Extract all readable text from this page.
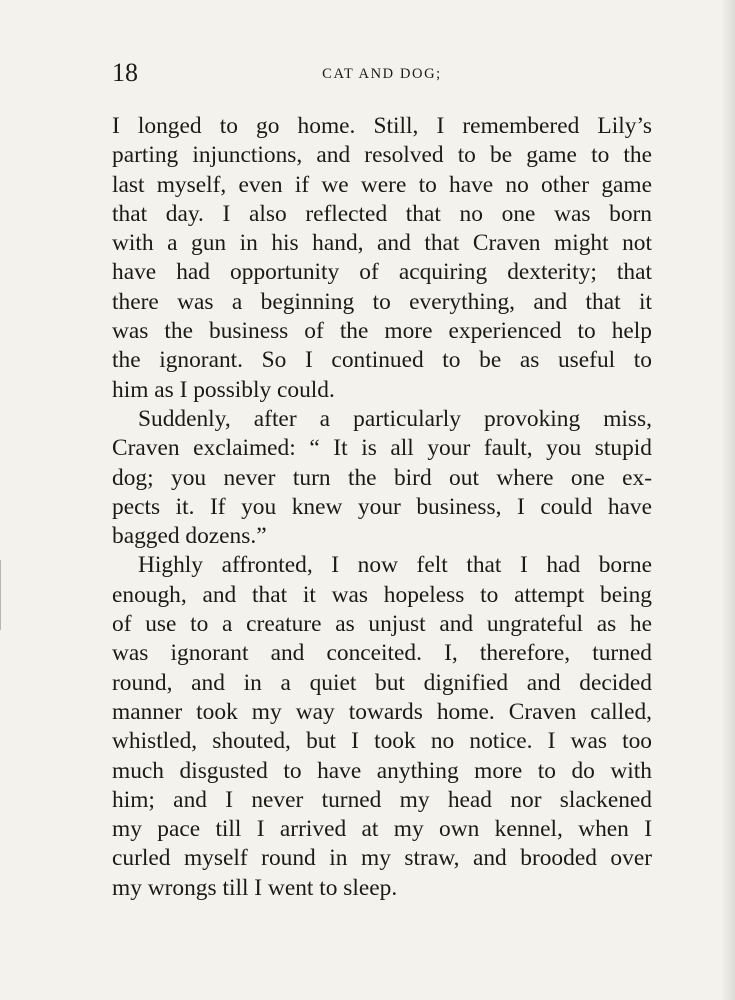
18	CAT AND DOG;

I longed to go home. Still, I remembered Lily’s
parting injunctions, and resolved to be game to the
last myself, even if we were to have no other game
that day. I also reflected that no one was born
with a gun in his hand, and that Craven might not
have had opportunity of acquiring dexterity; that
there was a beginning to everything, and that it
was the business of the more experienced to help
the ignorant. So I continued to be as useful to
him as I possibly could.

Suddenly, after a particularly provoking miss,
Craven exclaimed: “ It is all your fault, you stupid
dog; you never turn the bird out where one ex-
pects it. If you knew your business, I could have
bagged dozens.”

Highly affronted, I now felt that I had borne
enough, and that it was hopeless to attempt being
of use to a creature as unjust and ungrateful as he
was ignorant and conceited. I, therefore, turned
round, and in a quiet but dignified and decided
manner took my way towards home. Craven called,
whistled, shouted, but I took no notice. I was too
much disgusted to have anything more to do with
him; and I never turned my head nor slackened
my pace till I arrived at my own kennel, when I
curled myself round in my straw, and brooded over
my wrongs till I went to sleep.
